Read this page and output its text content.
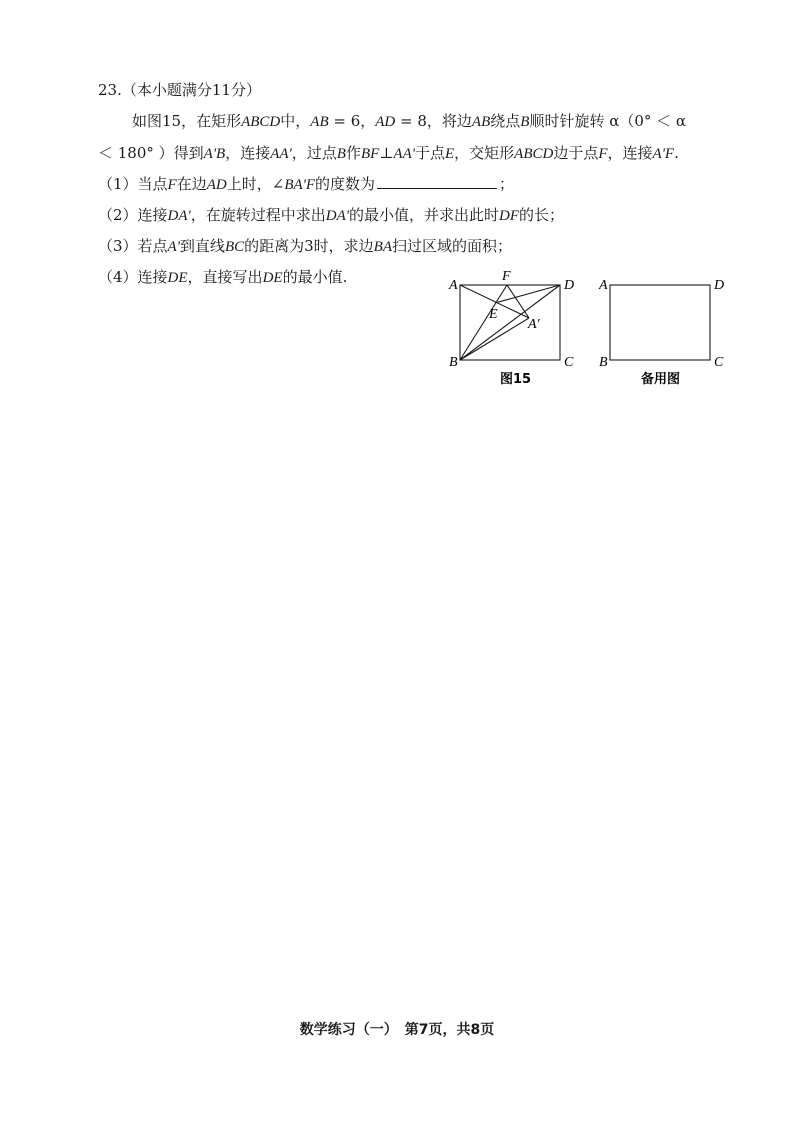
23.（本小题满分11分）
如图15，在矩形ABCD中，AB = 6，AD = 8，将边AB绕点B顺时针旋转 α（0° ＜ α
＜ 180° ）得到A'B，连接AA'，过点B作BF⊥AA'于点E，交矩形ABCD边于点F，连接A'F.
（1）当点F在边AD上时，∠BA'F的度数为	；
（2）连接DA'，在旋转过程中求出DA'的最小值，并求出此时DF的长；
（3）若点A'到直线BC的距离为3时，求边BA扫过区域的面积；
（4）连接DE，直接写出DE的最小值.	A	D
B	C
F
E
A'
图15
A	D
B	C
备用图
数学练习（一）　第7页，共8页
